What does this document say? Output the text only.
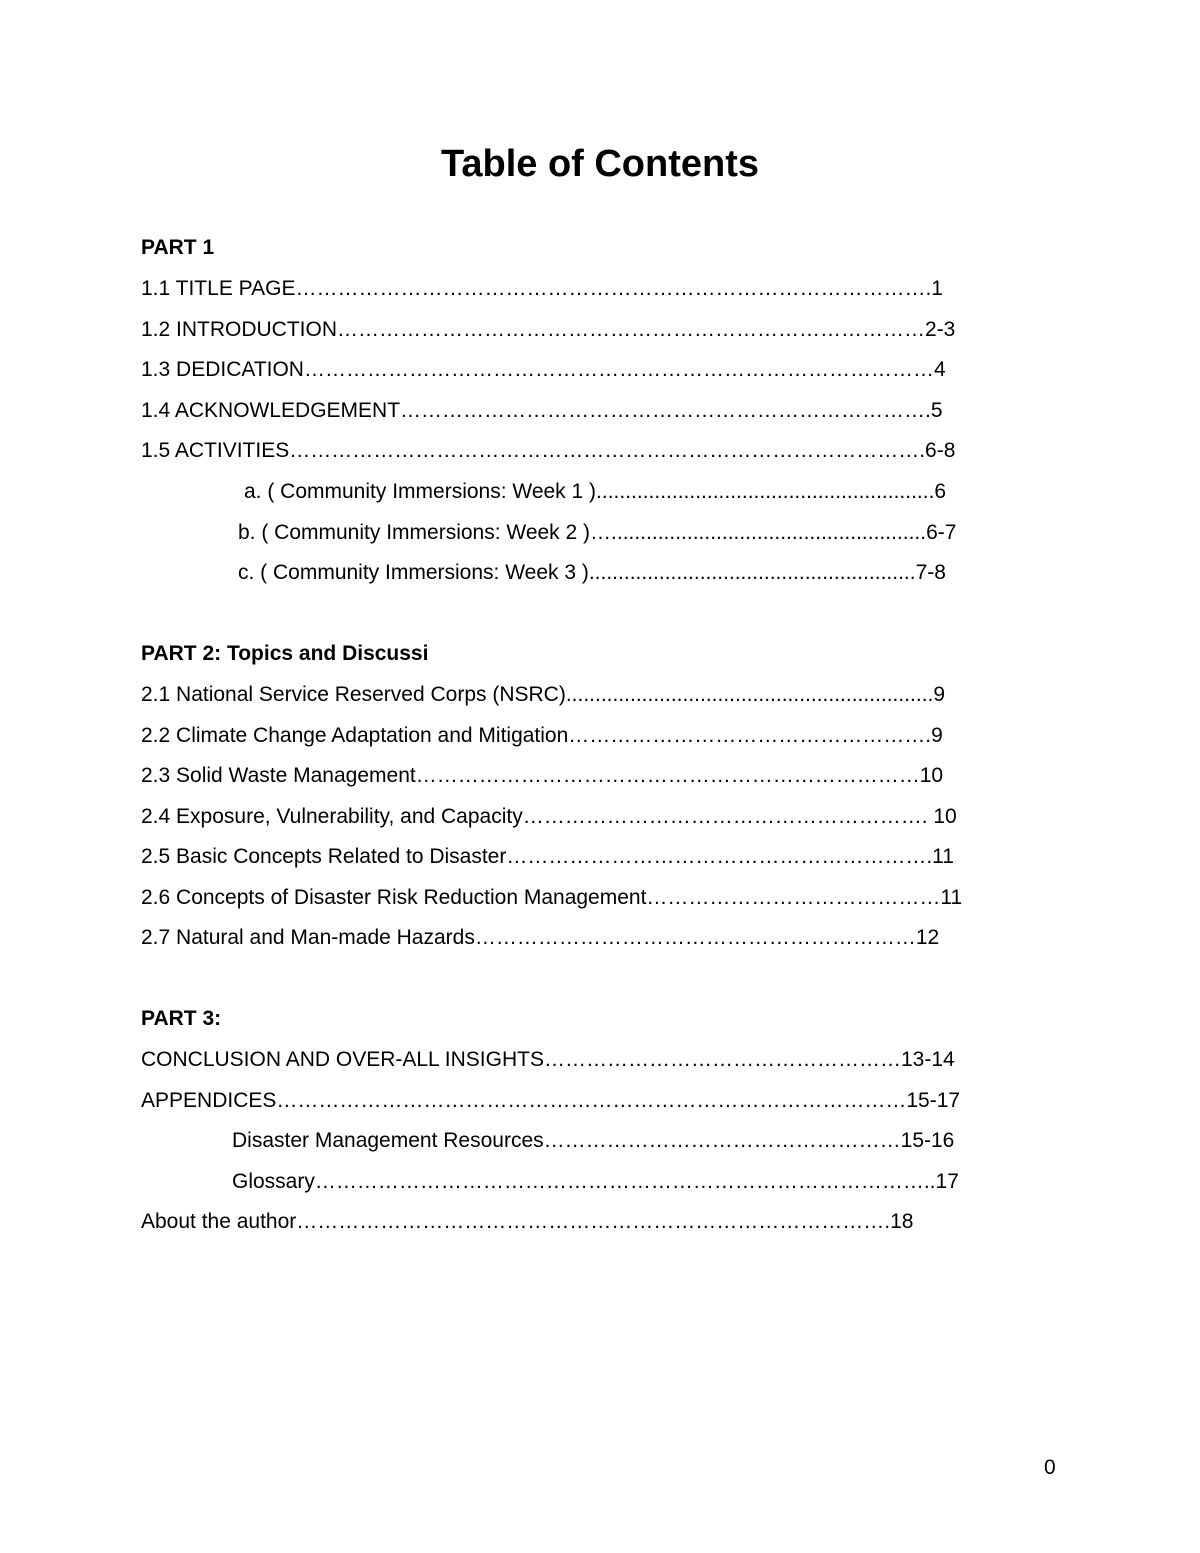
Table of Contents

PART 1

1.1 TITLE PAGE……………………………………………………………………………….1

1.2 INTRODUCTION…………………………………………………………………………2-3

1.3 DEDICATION………………………………………………………………………………4

1.4 ACKNOWLEDGEMENT………………………………………………………………….5

1.5 ACTIVITIES……………………………………………………………………………….6-8

a. ( Community Immersions: Week 1 )..........................................................6

b. ( Community Immersions: Week 2 )…......................................................6-7

c. ( Community Immersions: Week 3 )........................................................7-8

PART 2: Topics and Discussi

2.1 National Service Reserved Corps (NSRC)...............................................................9

2.2 Climate Change Adaptation and Mitigation…………………………………………….9

2.3 Solid Waste Management………………………………………………………………10

2.4 Exposure, Vulnerability, and Capacity…………………………………………………. 10

2.5 Basic Concepts Related to Disaster…………………………………………………….11

2.6 Concepts of Disaster Risk Reduction Management……………………………………11

2.7 Natural and Man-made Hazards………………………………………………………12

PART 3:

CONCLUSION AND OVER-ALL INSIGHTS……………………………………………13-14

APPENDICES………………………………………………………………………………15-17

Disaster Management Resources……………………………………………15-16

Glossary……………………………………………………………………………..17

About the author………………………………………………………………………….18

0
